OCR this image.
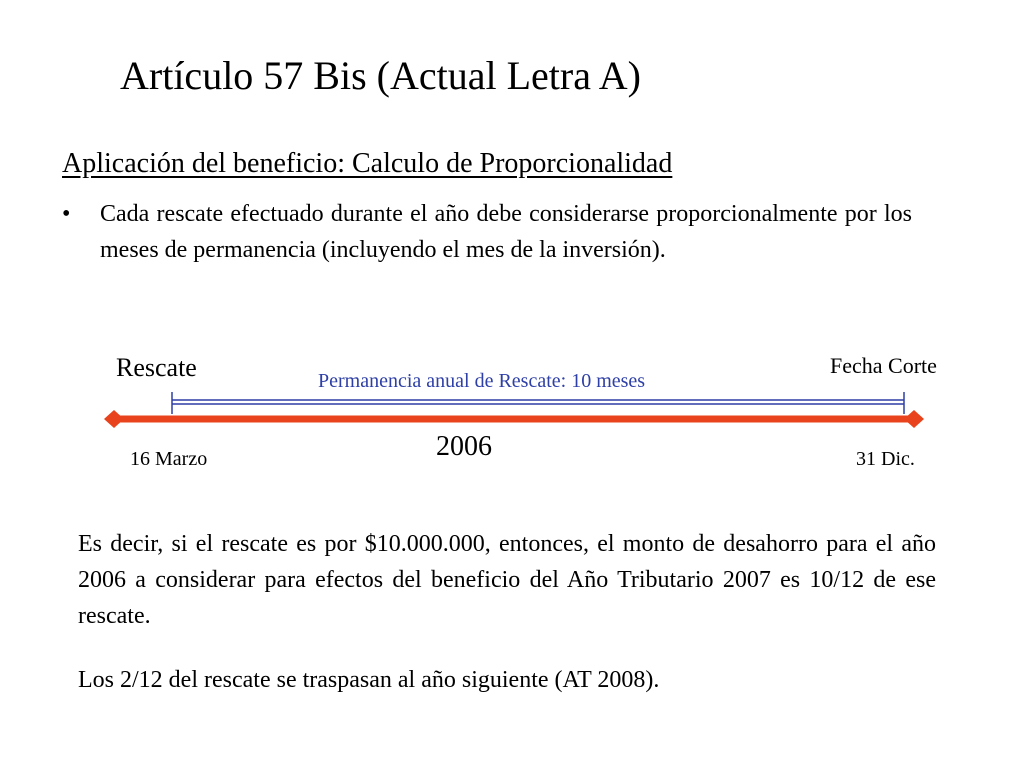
Artículo 57 Bis (Actual Letra A)
Aplicación del beneficio: Calculo de Proporcionalidad
• Cada rescate efectuado durante el año debe considerarse proporcionalmente por los meses de permanencia (incluyendo el mes de la inversión).
Rescate	Fecha Corte
Permanencia anual de Rescate: 10 meses
2006
16 Marzo	31 Dic.
Es decir, si el rescate es por $10.000.000, entonces, el monto de desahorro para el año 2006 a considerar para efectos del beneficio del Año Tributario 2007 es 10/12 de ese rescate.
Los 2/12 del rescate se traspasan al año siguiente (AT 2008).
